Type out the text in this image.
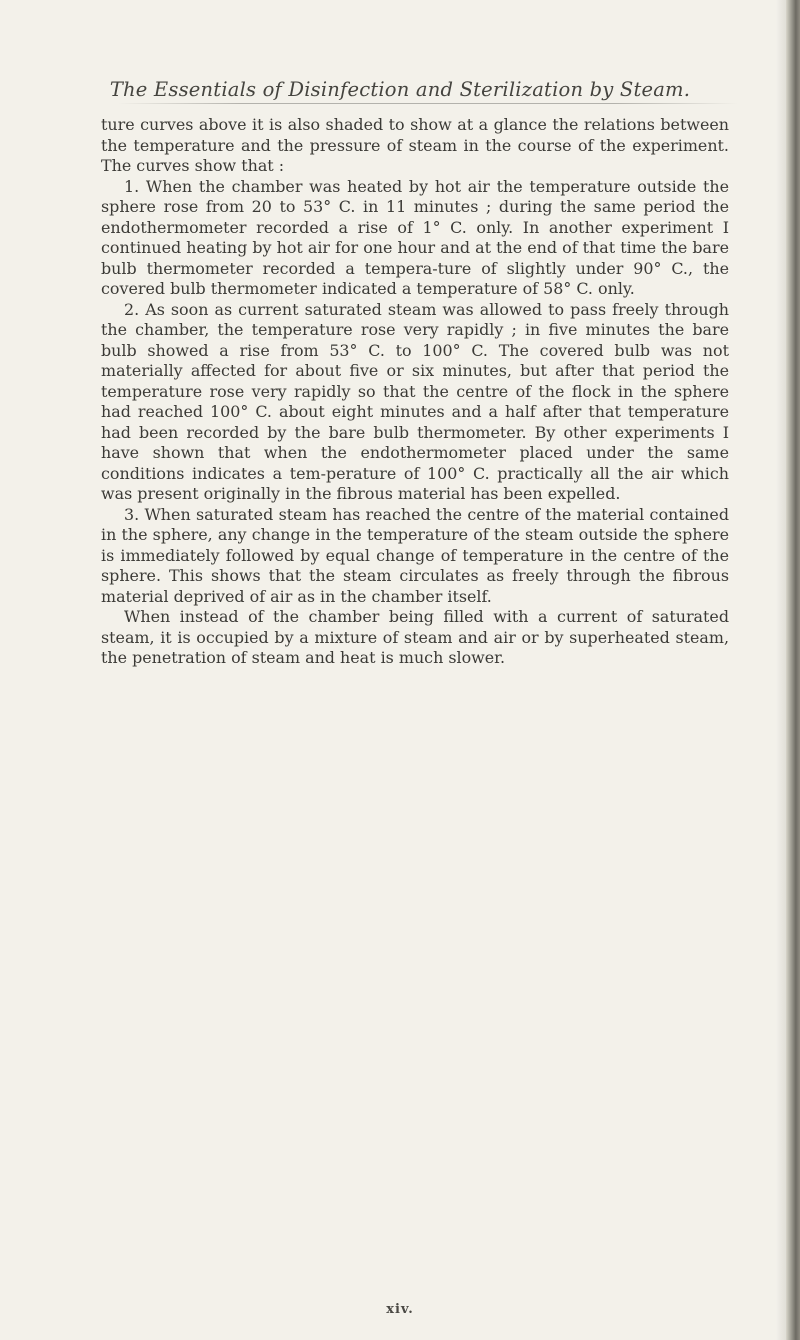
The Essentials of Disinfection and Sterilization by Steam.

ture curves above it is also shaded to show at a glance the relations between the temperature and the pressure of steam in the course of the experiment. The curves show that :

1. When the chamber was heated by hot air the temperature outside the sphere rose from 20 to 53° C. in 11 minutes ; during the same period the endothermometer recorded a rise of 1° C. only. In another experiment I continued heating by hot air for one hour and at the end of that time the bare bulb thermometer recorded a tempera-ture of slightly under 90° C., the covered bulb thermometer indicated a temperature of 58° C. only.

2. As soon as current saturated steam was allowed to pass freely through the chamber, the temperature rose very rapidly ; in five minutes the bare bulb showed a rise from 53° C. to 100° C. The covered bulb was not materially affected for about five or six minutes, but after that period the temperature rose very rapidly so that the centre of the flock in the sphere had reached 100° C. about eight minutes and a half after that temperature had been recorded by the bare bulb thermometer. By other experiments I have shown that when the endothermometer placed under the same conditions indicates a tem-perature of 100° C. practically all the air which was present originally in the fibrous material has been expelled.

3. When saturated steam has reached the centre of the material contained in the sphere, any change in the temperature of the steam outside the sphere is immediately followed by equal change of temperature in the centre of the sphere. This shows that the steam circulates as freely through the fibrous material deprived of air as in the chamber itself.

When instead of the chamber being filled with a current of saturated steam, it is occupied by a mixture of steam and air or by superheated steam, the penetration of steam and heat is much slower.

xiv.
